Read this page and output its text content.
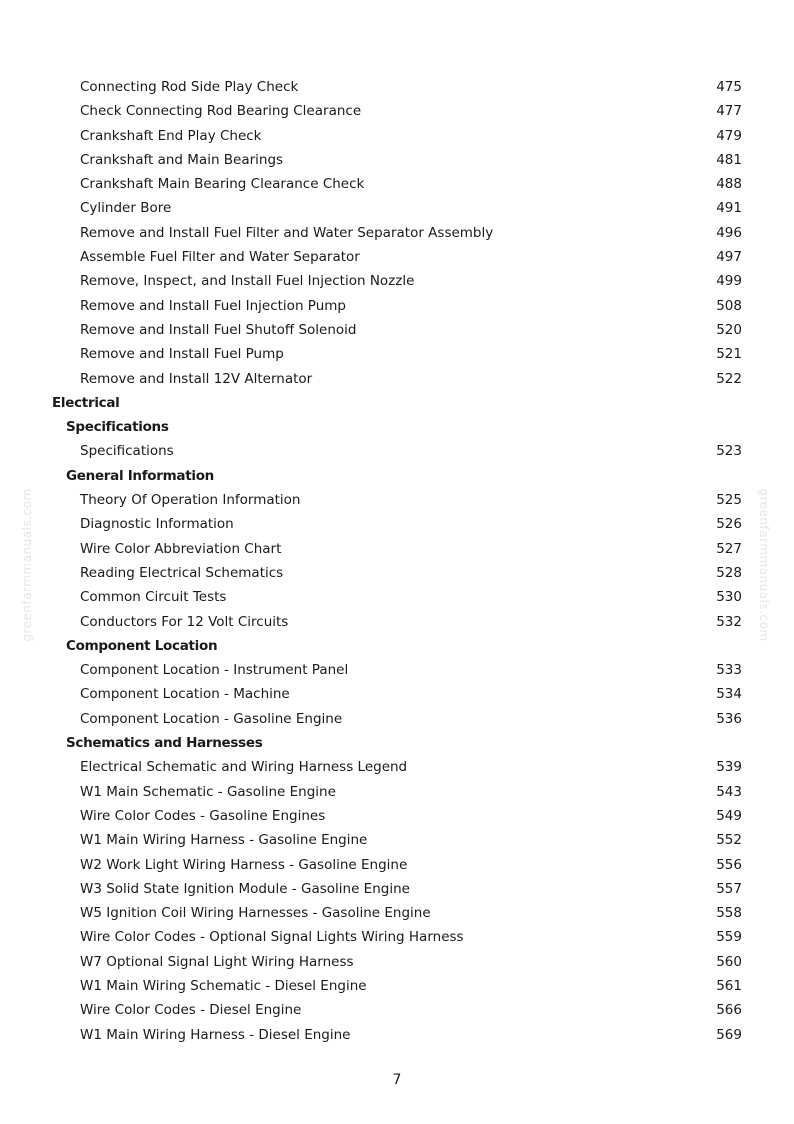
Connecting Rod Side Play Check	475
Check Connecting Rod Bearing Clearance	477
Crankshaft End Play Check	479
Crankshaft and Main Bearings	481
Crankshaft Main Bearing Clearance Check	488
Cylinder Bore	491
Remove and Install Fuel Filter and Water Separator Assembly	496
Assemble Fuel Filter and Water Separator	497
Remove, Inspect, and Install Fuel Injection Nozzle	499
Remove and Install Fuel Injection Pump	508
Remove and Install Fuel Shutoff Solenoid	520
Remove and Install Fuel Pump	521
Remove and Install 12V Alternator	522
Electrical
Specifications
Specifications	523
General Information
Theory Of Operation Information	525
Diagnostic Information	526
Wire Color Abbreviation Chart	527
Reading Electrical Schematics	528
Common Circuit Tests	530
Conductors For 12 Volt Circuits	532
Component Location
Component Location - Instrument Panel	533
Component Location - Machine	534
Component Location - Gasoline Engine	536
Schematics and Harnesses
Electrical Schematic and Wiring Harness Legend	539
W1 Main Schematic - Gasoline Engine	543
Wire Color Codes - Gasoline Engines	549
W1 Main Wiring Harness - Gasoline Engine	552
W2 Work Light Wiring Harness - Gasoline Engine	556
W3 Solid State Ignition Module - Gasoline Engine	557
W5 Ignition Coil Wiring Harnesses - Gasoline Engine	558
Wire Color Codes - Optional Signal Lights Wiring Harness	559
W7 Optional Signal Light Wiring Harness	560
W1 Main Wiring Schematic - Diesel Engine	561
Wire Color Codes - Diesel Engine	566
W1 Main Wiring Harness - Diesel Engine	569
7
greenfarmmanuals.com	greenfarmmanuals.com
